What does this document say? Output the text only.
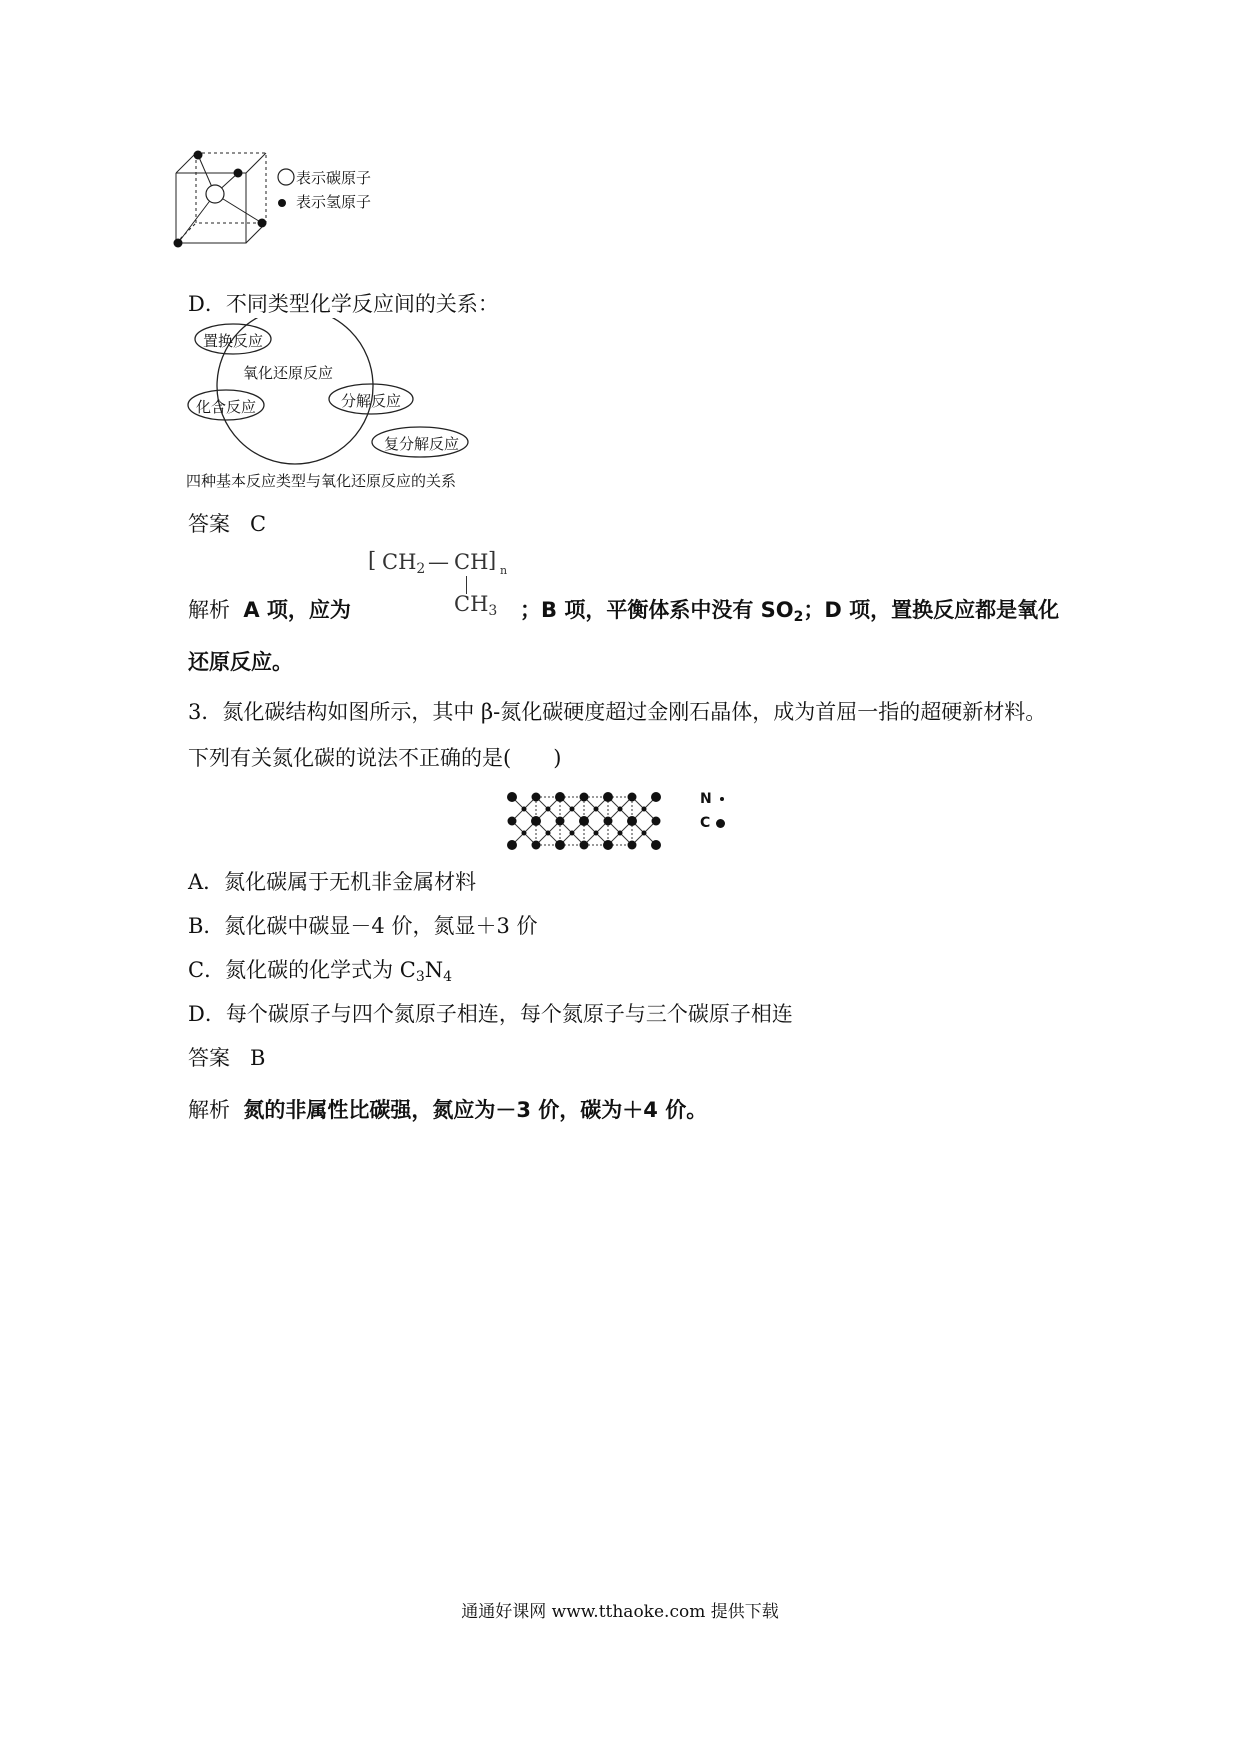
表示碳原子
表示氢原子
D．不同类型化学反应间的关系：
置换反应
氧化还原反应
化合反应	分解反应
复分解反应
四种基本反应类型与氧化还原反应的关系
答案 C
[ $CH_2$ — CH ] n
$CH_3$
解析 A 项，应为	；B 项，平衡体系中没有 $SO_2$；D 项，置换反应都是氧化
还原反应。
3．氮化碳结构如图所示，其中 β-氮化碳硬度超过金刚石晶体，成为首屈一指的超硬新材料。
下列有关氮化碳的说法不正确的是(　　)
N
C
A．氮化碳属于无机非金属材料
B．氮化碳中碳显－4 价，氮显＋3 价
C．氮化碳的化学式为 $C_3N_4$
D．每个碳原子与四个氮原子相连，每个氮原子与三个碳原子相连
答案 B
解析 氮的非属性比碳强，氮应为－3 价，碳为＋4 价。
通通好课网 www.tthaoke.com 提供下载
